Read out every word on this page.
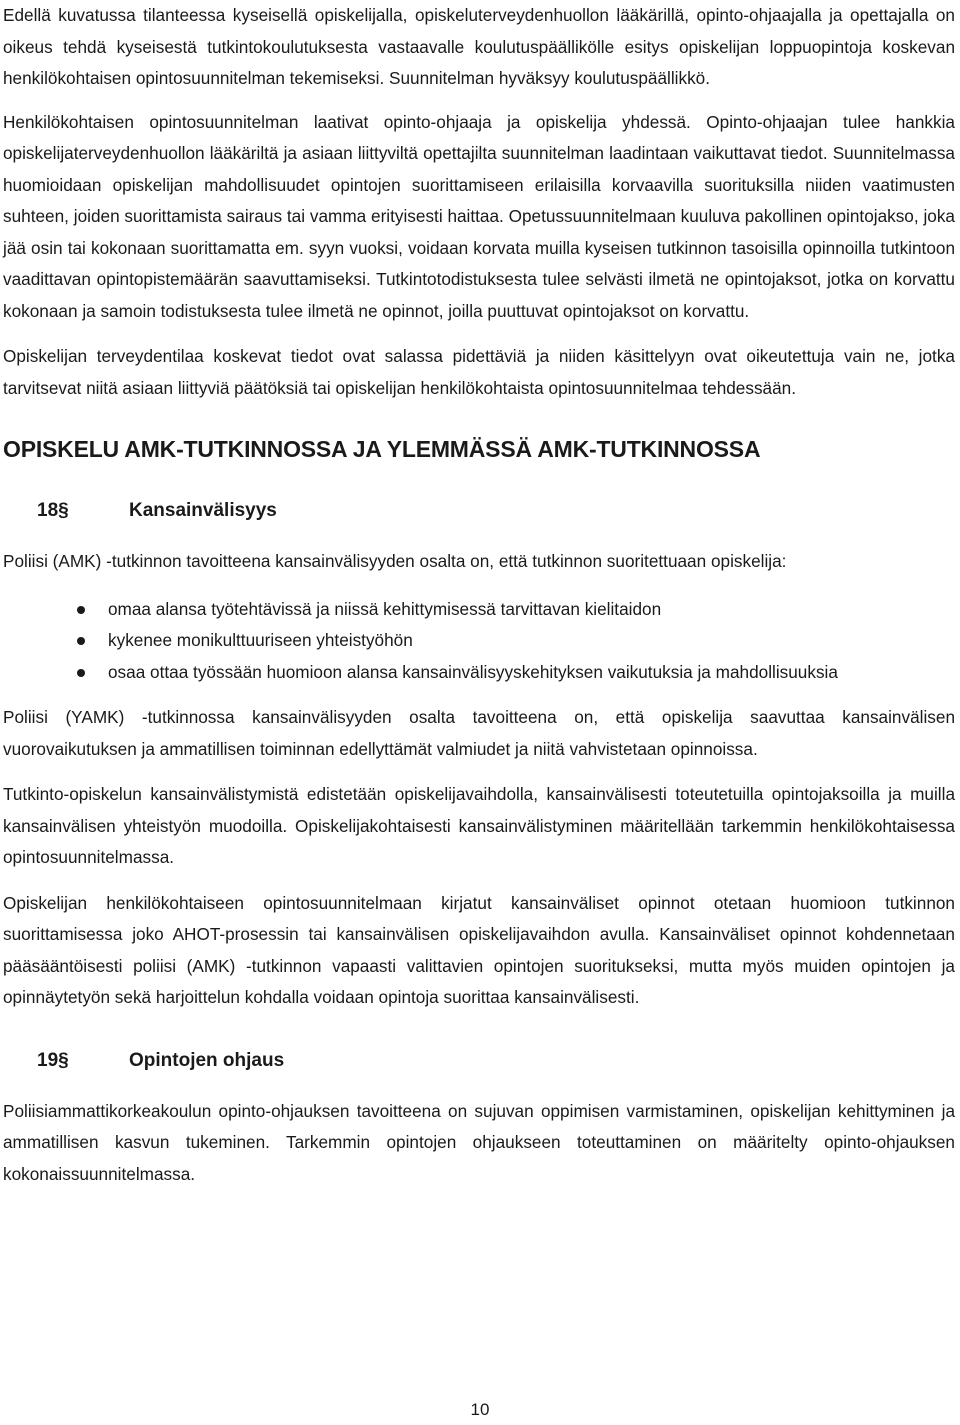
Edellä kuvatussa tilanteessa kyseisellä opiskelijalla, opiskeluterveydenhuollon lääkärillä, opinto-ohjaajalla ja opettajalla on oikeus tehdä kyseisestä tutkintokoulutuksesta vastaavalle koulutuspäällikölle esitys opiskelijan loppuopintoja koskevan henkilökohtaisen opintosuunnitelman tekemiseksi. Suunnitelman hyväksyy koulutuspäällikkö.

Henkilökohtaisen opintosuunnitelman laativat opinto-ohjaaja ja opiskelija yhdessä. Opinto-ohjaajan tulee hankkia opiskelijaterveydenhuollon lääkäriltä ja asiaan liittyviltä opettajilta suunnitelman laadintaan vaikuttavat tiedot. Suunnitelmassa huomioidaan opiskelijan mahdollisuudet opintojen suorittamiseen erilaisilla korvaavilla suorituksilla niiden vaatimusten suhteen, joiden suorittamista sairaus tai vamma erityisesti haittaa. Opetussuunnitelmaan kuuluva pakollinen opintojakso, joka jää osin tai kokonaan suorittamatta em. syyn vuoksi, voidaan korvata muilla kyseisen tutkinnon tasoisilla opinnoilla tutkintoon vaadittavan opintopistemäärän saavuttamiseksi. Tutkintotodistuksesta tulee selvästi ilmetä ne opintojaksot, jotka on korvattu kokonaan ja samoin todistuksesta tulee ilmetä ne opinnot, joilla puuttuvat opintojaksot on korvattu.

Opiskelijan terveydentilaa koskevat tiedot ovat salassa pidettäviä ja niiden käsittelyyn ovat oikeutettuja vain ne, jotka tarvitsevat niitä asiaan liittyviä päätöksiä tai opiskelijan henkilökohtaista opintosuunnitelmaa tehdessään.

OPISKELU AMK-TUTKINNOSSA JA YLEMMÄSSÄ AMK-TUTKINNOSSA
18§	Kansainvälisyys

Poliisi (AMK) -tutkinnon tavoitteena kansainvälisyyden osalta on, että tutkinnon suoritettuaan opiskelija:

omaa alansa työtehtävissä ja niissä kehittymisessä tarvittavan kielitaidon
kykenee monikulttuuriseen yhteistyöhön
osaa ottaa työssään huomioon alansa kansainvälisyyskehityksen vaikutuksia ja mahdollisuuksia

Poliisi (YAMK) -tutkinnossa kansainvälisyyden osalta tavoitteena on, että opiskelija saavuttaa kansainvälisen vuorovaikutuksen ja ammatillisen toiminnan edellyttämät valmiudet ja niitä vahvistetaan opinnoissa.

Tutkinto-opiskelun kansainvälistymistä edistetään opiskelijavaihdolla, kansainvälisesti toteutetuilla opintojaksoilla ja muilla kansainvälisen yhteistyön muodoilla. Opiskelijakohtaisesti kansainvälistyminen määritellään tarkemmin henkilökohtaisessa opintosuunnitelmassa.

Opiskelijan henkilökohtaiseen opintosuunnitelmaan kirjatut kansainväliset opinnot otetaan huomioon tutkinnon suorittamisessa joko AHOT-prosessin tai kansainvälisen opiskelijavaihdon avulla. Kansainväliset opinnot kohdennetaan pääsääntöisesti poliisi (AMK) -tutkinnon vapaasti valittavien opintojen suoritukseksi, mutta myös muiden opintojen ja opinnäytetyön sekä harjoittelun kohdalla voidaan opintoja suorittaa kansainvälisesti.

19§	Opintojen ohjaus

Poliisiammattikorkeakoulun opinto-ohjauksen tavoitteena on sujuvan oppimisen varmistaminen, opiskelijan kehittyminen ja ammatillisen kasvun tukeminen. Tarkemmin opintojen ohjaukseen toteuttaminen on määritelty opinto-ohjauksen kokonaissuunnitelmassa.

10
